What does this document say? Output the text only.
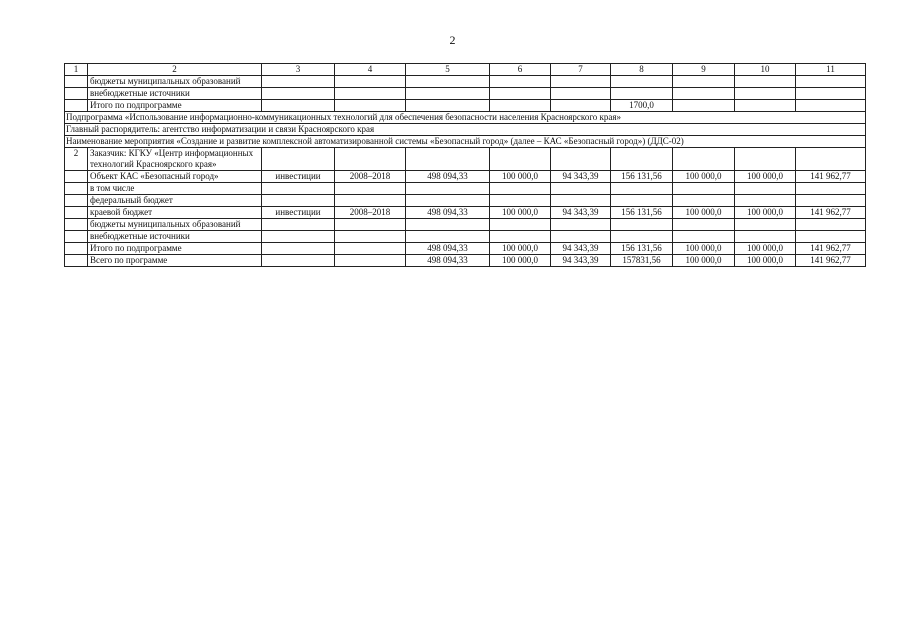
2
1	2	3	4	5	6	7	8	9	10	11
	бюджеты муниципальных образований									
	внебюджетные источники									
	Итого по подпрограмме						1700,0			
Подпрограмма «Использование информационно-коммуникационных технологий для обеспечения безопасности населения Красноярского края»										
Главный распорядитель: агентство информатизации и связи Красноярского края										
Наименование мероприятия «Создание и развитие комплексной автоматизированной системы «Безопасный город» (далее – КАС «Безопасный город») (ДДС-02)										
2	Заказчик: КГКУ «Центр информационных технологий Красноярского края»									
	Объект КАС «Безопасный город»	инвестиции	2008–2018	498 094,33	100 000,0	94 343,39	156 131,56	100 000,0	100 000,0	141 962,77
	в том числе									
	федеральный бюджет									
	краевой бюджет	инвестиции	2008–2018	498 094,33	100 000,0	94 343,39	156 131,56	100 000,0	100 000,0	141 962,77
	бюджеты муниципальных образований									
	внебюджетные источники									
	Итого по подпрограмме			498 094,33	100 000,0	94 343,39	156 131,56	100 000,0	100 000,0	141 962,77
	Всего по программе			498 094,33	100 000,0	94 343,39	157831,56	100 000,0	100 000,0	141 962,77
